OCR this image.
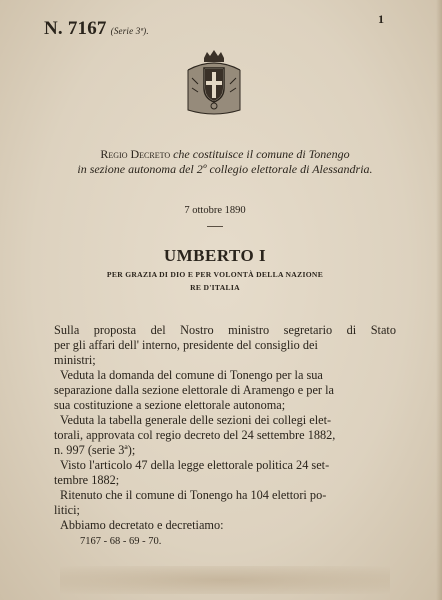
N. 7167 (Serie 3ª).
1
Regio Decreto che costituisce il comune di Tonengo
in sezione autonoma del 2º collegio elettorale di Alessandria.
7 ottobre 1890
UMBERTO I
PER GRAZIA DI DIO E PER VOLONTÀ DELLA NAZIONE
RE D'ITALIA
Sulla proposta del Nostro ministro segretario di Stato
per gli affari dell' interno, presidente del consiglio dei
ministri;
Veduta la domanda del comune di Tonengo per la sua
separazione dalla sezione elettorale di Aramengo e per la
sua costituzione a sezione elettorale autonoma;
Veduta la tabella generale delle sezioni dei collegi elet-
torali, approvata col regio decreto del 24 settembre 1882,
n. 997 (serie 3ª);
Visto l'articolo 47 della legge elettorale politica 24 set-
tembre 1882;
Ritenuto che il comune di Tonengo ha 104 elettori po-
litici;
Abbiamo decretato e decretiamo:
7167 - 68 - 69 - 70.
